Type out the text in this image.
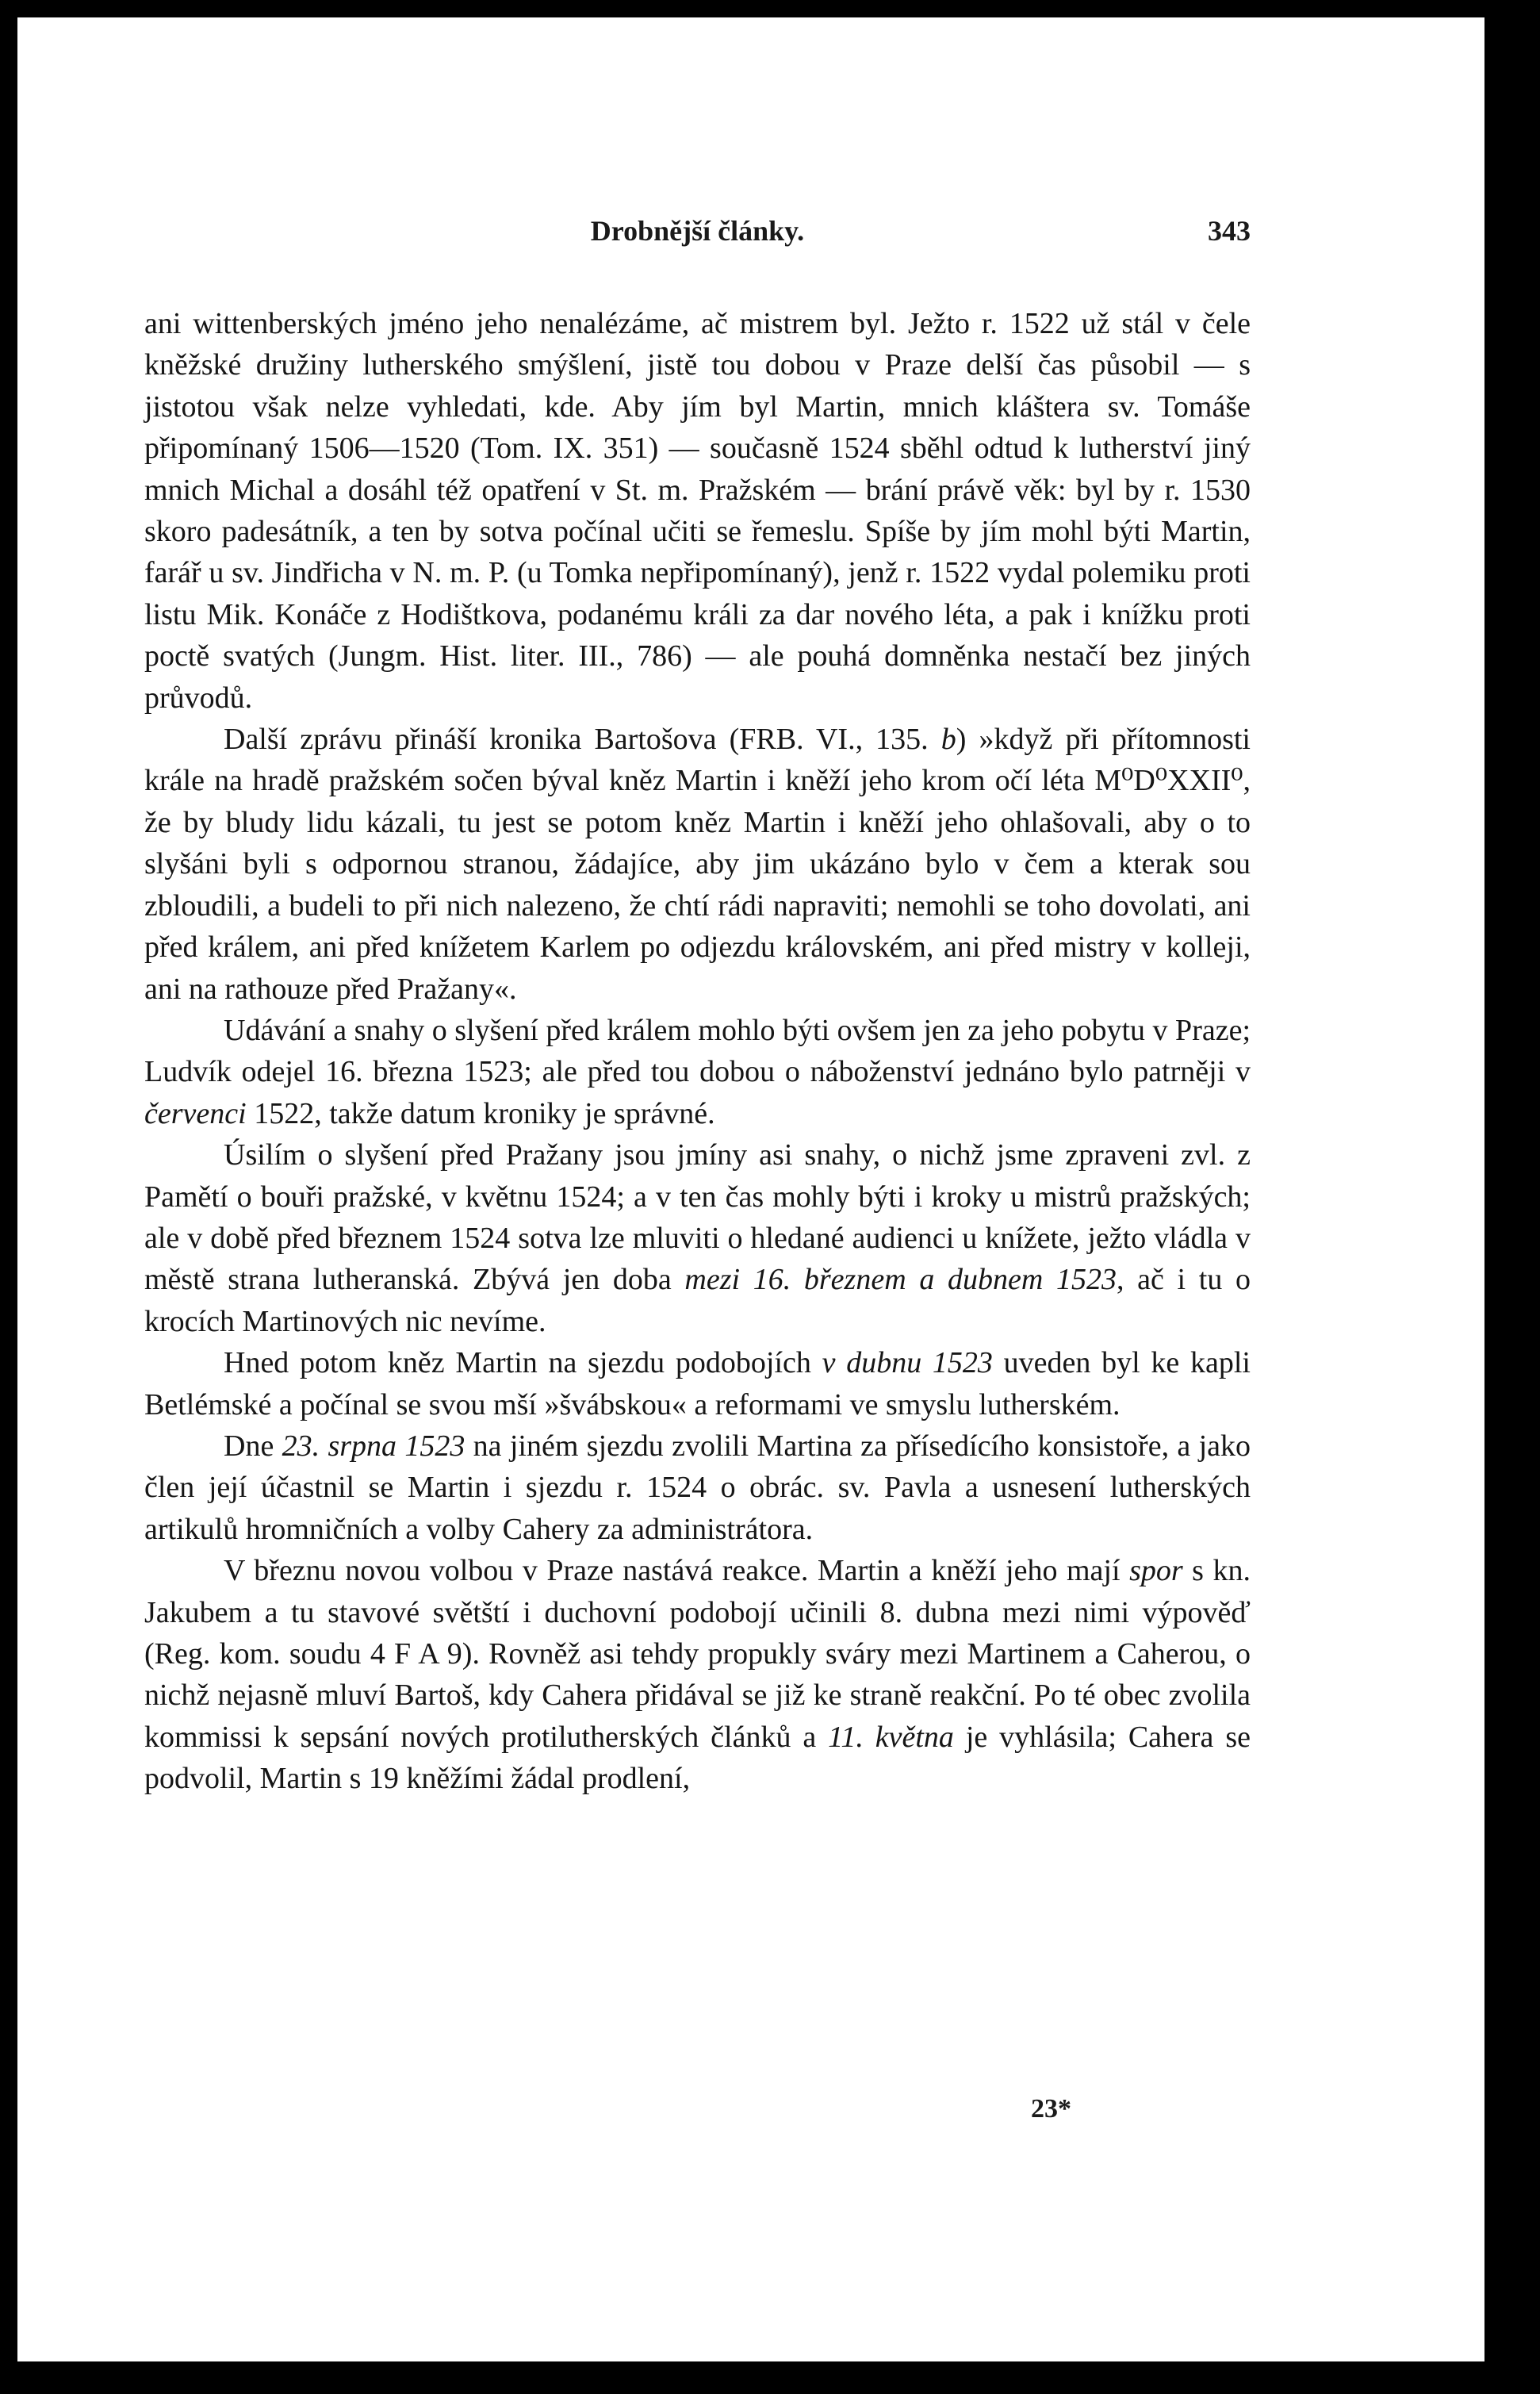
Drobnější články.	343

ani wittenberských jméno jeho nenalézáme, ač mistrem byl. Ježto r. 1522 už stál v čele kněžské družiny lutherského smýšlení, jistě tou dobou v Praze delší čas působil — s jistotou však nelze vyhledati, kde. Aby jím byl Martin, mnich kláštera sv. Tomáše připomínaný 1506—1520 (Tom. IX. 351) — současně 1524 sběhl odtud k lutherství jiný mnich Michal a dosáhl též opatření v St. m. Pražském — brání právě věk: byl by r. 1530 skoro padesátník, a ten by sotva počínal učiti se řemeslu. Spíše by jím mohl býti Martin, farář u sv. Jindřicha v N. m. P. (u Tomka nepřipomínaný), jenž r. 1522 vydal polemiku proti listu Mik. Konáče z Hodištkova, podanému králi za dar nového léta, a pak i knížku proti poctě svatých (Jungm. Hist. liter. III., 786) — ale pouhá domněnka nestačí bez jiných průvodů.

Další zprávu přináší kronika Bartošova (FRB. VI., 135. b) »když při přítomnosti krále na hradě pražském sočen býval kněz Martin i kněží jeho krom očí léta M⁰D⁰XXII⁰, že by bludy lidu kázali, tu jest se potom kněz Martin i kněží jeho ohlašovali, aby o to slyšáni byli s odpornou stranou, žádajíce, aby jim ukázáno bylo v čem a kterak sou zbloudili, a budeli to při nich nalezeno, že chtí rádi napraviti; nemohli se toho dovolati, ani před králem, ani před knížetem Karlem po odjezdu královském, ani před mistry v kolleji, ani na rathouze před Pražany«.

Udávání a snahy o slyšení před králem mohlo býti ovšem jen za jeho pobytu v Praze; Ludvík odejel 16. března 1523; ale před tou dobou o náboženství jednáno bylo patrněji v červenci 1522, takže datum kroniky je správné.

Úsilím o slyšení před Pražany jsou jmíny asi snahy, o nichž jsme zpraveni zvl. z Pamětí o bouři pražské, v květnu 1524; a v ten čas mohly býti i kroky u mistrů pražských; ale v době před březnem 1524 sotva lze mluviti o hledané audienci u knížete, ježto vládla v městě strana lutheranská. Zbývá jen doba mezi 16. březnem a dubnem 1523, ač i tu o krocích Martinových nic nevíme.

Hned potom kněz Martin na sjezdu podobojích v dubnu 1523 uveden byl ke kapli Betlémské a počínal se svou mší »švábskou« a reformami ve smyslu lutherském.

Dne 23. srpna 1523 na jiném sjezdu zvolili Martina za přísedícího konsistoře, a jako člen její účastnil se Martin i sjezdu r. 1524 o obrác. sv. Pavla a usnesení lutherských artikulů hromničních a volby Cahery za administrátora.

V březnu novou volbou v Praze nastává reakce. Martin a kněží jeho mají spor s kn. Jakubem a tu stavové světští i duchovní podobojí učinili 8. dubna mezi nimi výpověď (Reg. kom. soudu 4 F A 9). Rovněž asi tehdy propukly sváry mezi Martinem a Caherou, o nichž nejasně mluví Bartoš, kdy Cahera přidával se již ke straně reakční. Po té obec zvolila kommissi k sepsání nových protilutherských článků a 11. května je vyhlásila; Cahera se podvolil, Martin s 19 kněžími žádal prodlení,

23*
